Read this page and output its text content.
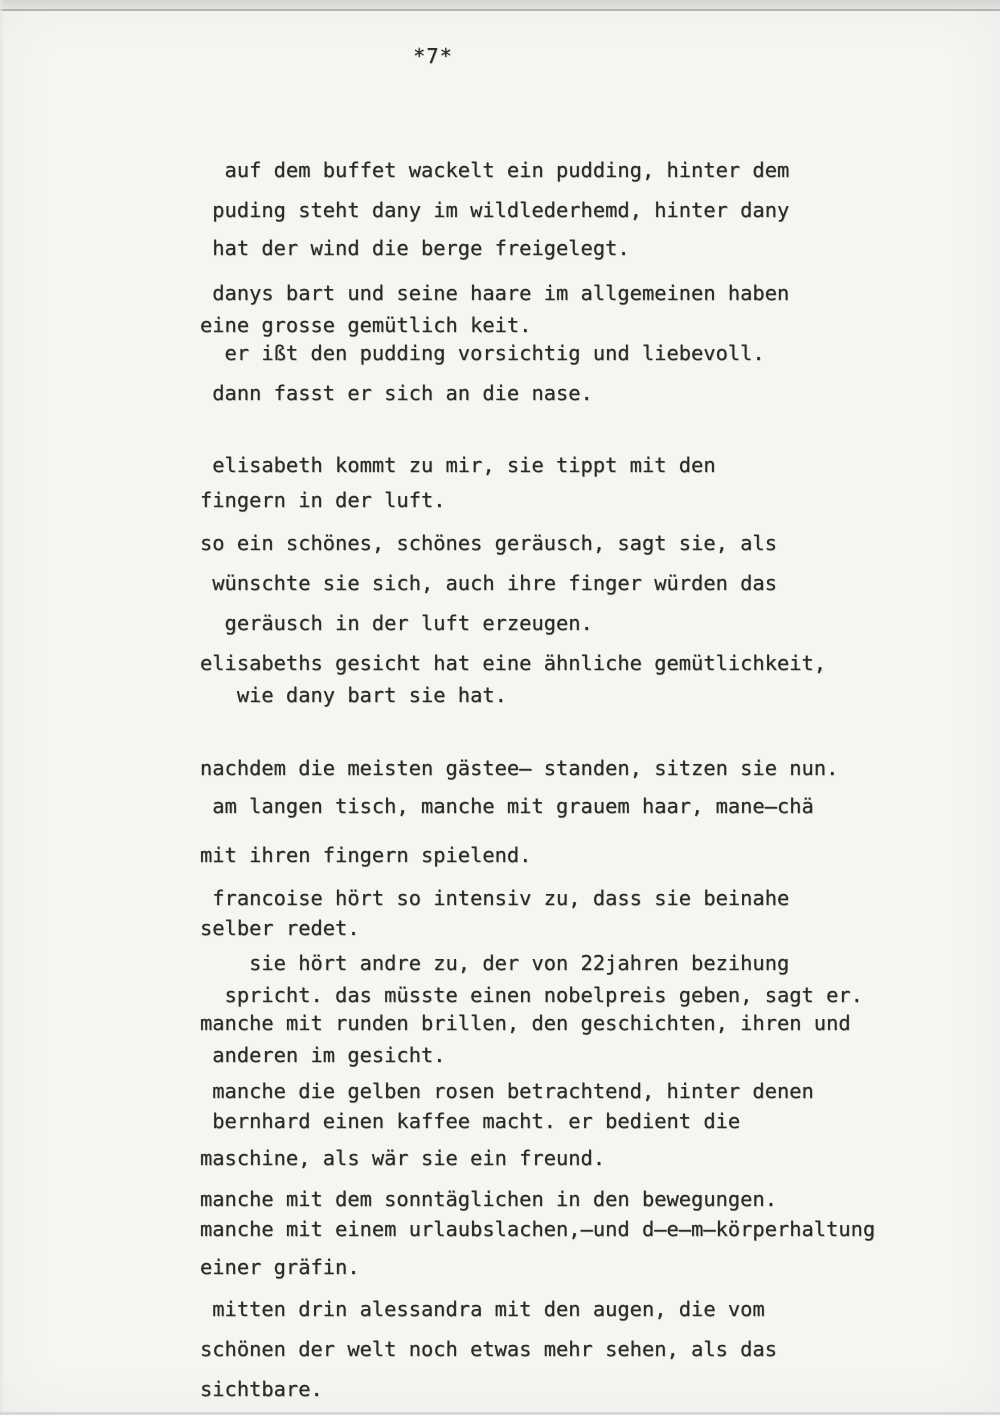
*7*
auf dem buffet wackelt ein pudding, hinter dem
puding steht dany im wildlederhemd, hinter dany
hat der wind die berge freigelegt.
danys bart und seine haare im allgemeinen haben
eine grosse gemütlich keit.
er ißt den pudding vorsichtig und liebevoll.
dann fasst er sich an die nase.
elisabeth kommt zu mir, sie tippt mit den
fingern in der luft.
so ein schönes, schönes geräusch, sagt sie, als
wünschte sie sich, auch ihre finger würden das
geräusch in der luft erzeugen.
elisabeths gesicht hat eine ähnliche gemütlichkeit,
wie dany bart sie hat.
nachdem die meisten gästee̶ standen, sitzen sie nun.
am langen tisch, manche mit grauem haar, mane̶chä
mit ihren fingern spielend.
francoise hört so intensiv zu, dass sie beinahe
selber redet.
sie hört andre zu, der von 22jahren bezihung
spricht. das müsste einen nobelpreis geben, sagt er.
manche mit runden brillen, den geschichten, ihren und
anderen im gesicht.
manche die gelben rosen betrachtend, hinter denen
bernhard einen kaffee macht. er bedient die
maschine, als wär sie ein freund.
manche mit dem sonntäglichen in den bewegungen.
manche mit einem urlaubslachen,̶und d̶e̶m̶körperhaltung
einer gräfin.
mitten drin alessandra mit den augen, die vom
schönen der welt noch etwas mehr sehen, als das
sichtbare.
